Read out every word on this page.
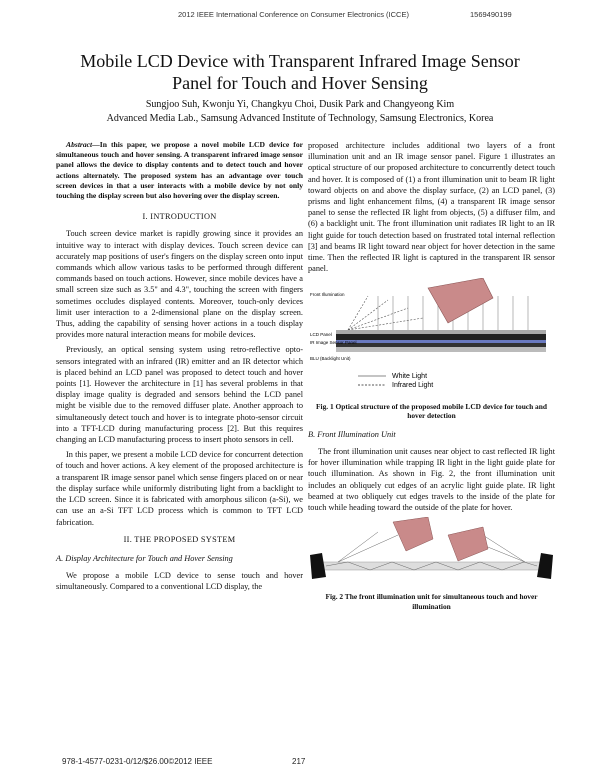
2012 IEEE International Conference on Consumer Electronics (ICCE)	1569490199
Mobile LCD Device with Transparent Infrared Image Sensor
Panel for Touch and Hover Sensing
Sungjoo Suh, Kwonju Yi, Changkyu Choi, Dusik Park and Changyeong Kim
Advanced Media Lab., Samsung Advanced Institute of Technology, Samsung Electronics, Korea

Abstract—In this paper, we propose a novel mobile LCD device for simultaneous touch and hover sensing. A transparent infrared image sensor panel allows the device to display contents and to detect touch and hover actions alternately. The proposed system has an advantage over touch screen devices in that a user interacts with a mobile device by not only touching the display screen but also hovering over the display screen.

I. INTRODUCTION

Touch screen device market is rapidly growing since it provides an intuitive way to interact with display devices. Touch screen device can accurately map positions of user's fingers on the display screen onto input commands which allow various tasks to be performed through different commands based on touch actions. However, since mobile devices have a small screen size such as 3.5" and 4.3", touching the screen with fingers sometimes occludes displayed contents. Moreover, touch-only devices limit user interaction to a 2-dimensional plane on the display screen. Thus, adding the capability of sensing hover actions in a touch display provides more natural interaction means for mobile devices.

Previously, an optical sensing system using retro-reflective opto-sensors integrated with an infrared (IR) emitter and an IR detector which is placed behind an LCD panel was proposed to detect touch and hover points [1]. However the architecture in [1] has several problems in that display image quality is degraded and sensors behind the LCD panel might be visible due to the removed diffuser plate. Another approach to simultaneously detect touch and hover is to integrate photo-sensor circuit into a TFT-LCD during manufacturing process [2]. But this requires changing an LCD manufacturing process to insert photo sensors in cell.

In this paper, we present a mobile LCD device for concurrent detection of touch and hover actions. A key element of the proposed architecture is a transparent IR image sensor panel which sense fingers placed on or near the display surface while uniformly distributing light from a backlight to the LCD screen. Since it is fabricated with amorphous silicon (a-Si), we can use an a-Si TFT LCD process which is common to TFT LCD fabrication.

II. THE PROPOSED SYSTEM
A. Display Architecture for Touch and Hover Sensing

We propose a mobile LCD device to sense touch and hover simultaneously. Compared to a conventional LCD display, the

proposed architecture includes additional two layers of a front illumination unit and an IR image sensor panel. Figure 1 illustrates an optical structure of our proposed architecture to concurrently detect touch and hover. It is composed of (1) a front illumination unit to beam IR light toward objects on and above the display surface, (2) an LCD panel, (3) prisms and light enhancement films, (4) a transparent IR image sensor panel to sense the reflected IR light from objects, (5) a diffuser film, and (6) a backlight unit. The front illumination unit radiates IR light to an IR light guide for touch detection based on frustrated total internal reflection [3] and beams IR light toward near object for hover detection in the same time. Then the reflected IR light is captured in the transparent IR sensor panel.

Front Illumination
LCD Panel
IR Image Sensor Panel
BLU (Backlight Unit)
White Light
Infrared Light
Fig. 1 Optical structure of the proposed mobile LCD device for touch and hover detection
B. Front Illumination Unit

The front illumination unit causes near object to cast reflected IR light for hover illumination while trapping IR light in the light guide plate for touch illumination. As shown in Fig. 2, the front illumination unit includes an obliquely cut edges of an acrylic light guide plate. IR light beamed at two obliquely cut edges travels to the inside of the plate for touch while heading toward the outside of the plate for hover.

Fig. 2 The front illumination unit for simultaneous touch and hover illumination
978-1-4577-0231-0/12/$26.00©2012 IEEE	217
